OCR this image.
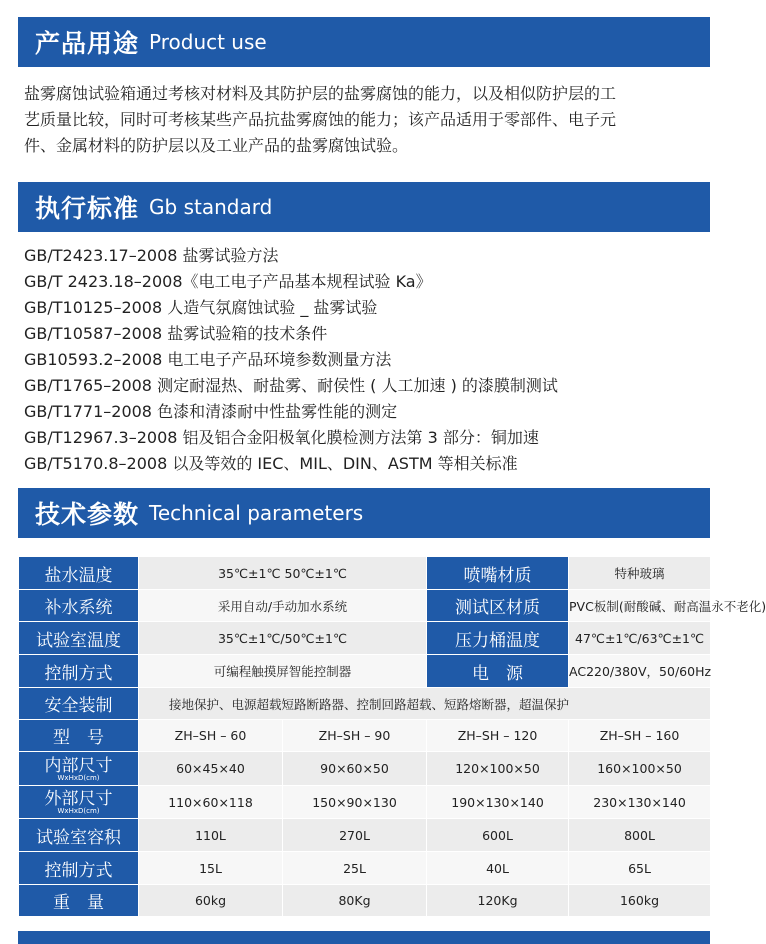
产品用途 Product use
盐雾腐蚀试验箱通过考核对材料及其防护层的盐雾腐蚀的能力，以及相似防护层的工
艺质量比较，同时可考核某些产品抗盐雾腐蚀的能力；该产品适用于零部件、电子元
件、金属材料的防护层以及工业产品的盐雾腐蚀试验。
执行标准 Gb standard
GB/T2423.17–2008 盐雾试验方法
GB/T 2423.18–2008《电工电子产品基本规程试验 Ka》
GB/T10125–2008 人造气氛腐蚀试验 _ 盐雾试验
GB/T10587–2008 盐雾试验箱的技术条件
GB10593.2–2008 电工电子产品环境参数测量方法
GB/T1765–2008 测定耐湿热、耐盐雾、耐侯性 ( 人工加速 ) 的漆膜制测试
GB/T1771–2008 色漆和清漆耐中性盐雾性能的测定
GB/T12967.3–2008 铝及铝合金阳极氧化膜检测方法第 3 部分：铜加速
GB/T5170.8–2008 以及等效的 IEC、MIL、DIN、ASTM 等相关标准
技术参数 Technical parameters
盐水温度	35℃±1℃ 50℃±1℃		喷嘴材质	特种玻璃
补水系统	采用自动/手动加水系统		测试区材质	PVC板制(耐酸碱、耐高温永不老化)
试验室温度	35℃±1℃/50℃±1℃		压力桶温度	47℃±1℃/63℃±1℃
控制方式	可编程触摸屏智能控制器		电　源	AC220/380V，50/60Hz
安全装制	接地保护、电源超载短路断路器、控制回路超载、短路熔断器，超温保护			
型　号	ZH–SH – 60	ZH–SH – 90	ZH–SH – 120	ZH–SH – 160

内部尺寸
WxHxD(cm)	60×45×40	90×60×50	120×100×50	160×100×50

外部尺寸
WxHxD(cm)	110×60×118	150×90×130	190×130×140	230×130×140
试验室容积	110L	270L	600L	800L
控制方式	15L	25L	40L	65L
重　量	60kg	80Kg	120Kg	160kg
